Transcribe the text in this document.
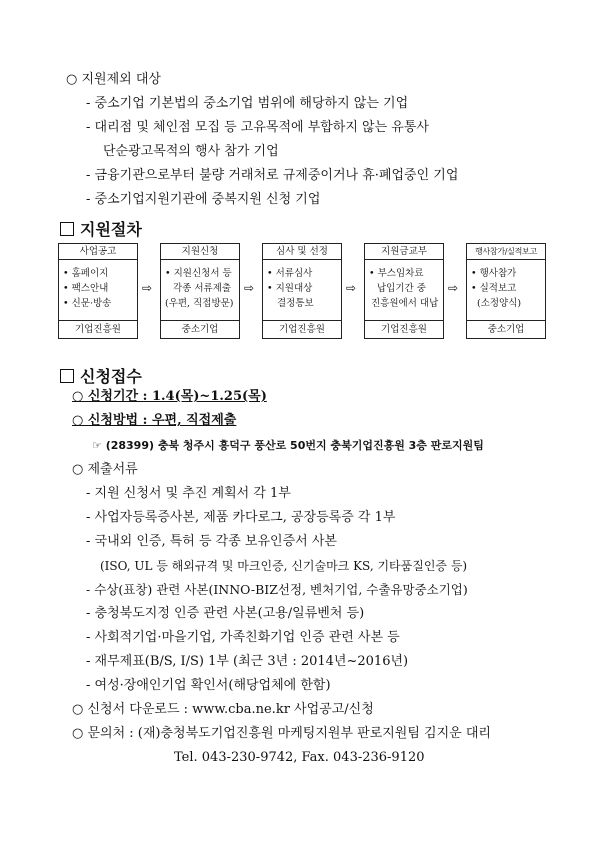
○ 지원제외 대상
- 중소기업 기본법의 중소기업 범위에 해당하지 않는 기업
- 대리점 및 체인점 모집 등 고유목적에 부합하지 않는 유통사
단순광고목적의 행사 참가 기업
- 금융기관으로부터 불량 거래처로 규제중이거나 휴·폐업중인 기업
- 중소기업지원기관에 중복지원 신청 기업
지원절차
사업공고
• 홈페이지
• 팩스안내
• 신문·방송
기업진흥원
⇨
지원신청
• 지원신청서 등
각종 서류제출
(우편, 직접방문)
중소기업
⇨
심사 및 선정
• 서류심사
• 지원대상
결정통보
기업진흥원
⇨
지원금교부
• 부스임차료
납입기간 중
진흥원에서 대납
기업진흥원
⇨
행사참가/실적보고
• 행사참가
• 실적보고
(소정양식)
중소기업
신청접수
○ 신청기간 : 1.4(목)~1.25(목)
○ 신청방법 : 우편, 직접제출
☞ (28399) 충북 청주시 흥덕구 풍산로 50번지 충북기업진흥원 3층 판로지원팀
○ 제출서류
- 지원 신청서 및 추진 계획서 각 1부
- 사업자등록증사본, 제품 카다로그, 공장등록증 각 1부
- 국내외 인증, 특허 등 각종 보유인증서 사본
(ISO, UL 등 해외규격 및 마크인증, 신기술마크 KS, 기타품질인증 등)
- 수상(표창) 관련 사본(INNO-BIZ선정, 벤처기업, 수출유망중소기업)
- 충청북도지정 인증 관련 사본(고용/일류벤처 등)
- 사회적기업·마을기업, 가족친화기업 인증 관련 사본 등
- 재무제표(B/S, I/S) 1부 (최근 3년 : 2014년~2016년)
- 여성·장애인기업 확인서(해당업체에 한함)
○ 신청서 다운로드 : www.cba.ne.kr 사업공고/신청
○ 문의처 : (재)충청북도기업진흥원 마케팅지원부 판로지원팀 김지운 대리
Tel. 043-230-9742, Fax. 043-236-9120
